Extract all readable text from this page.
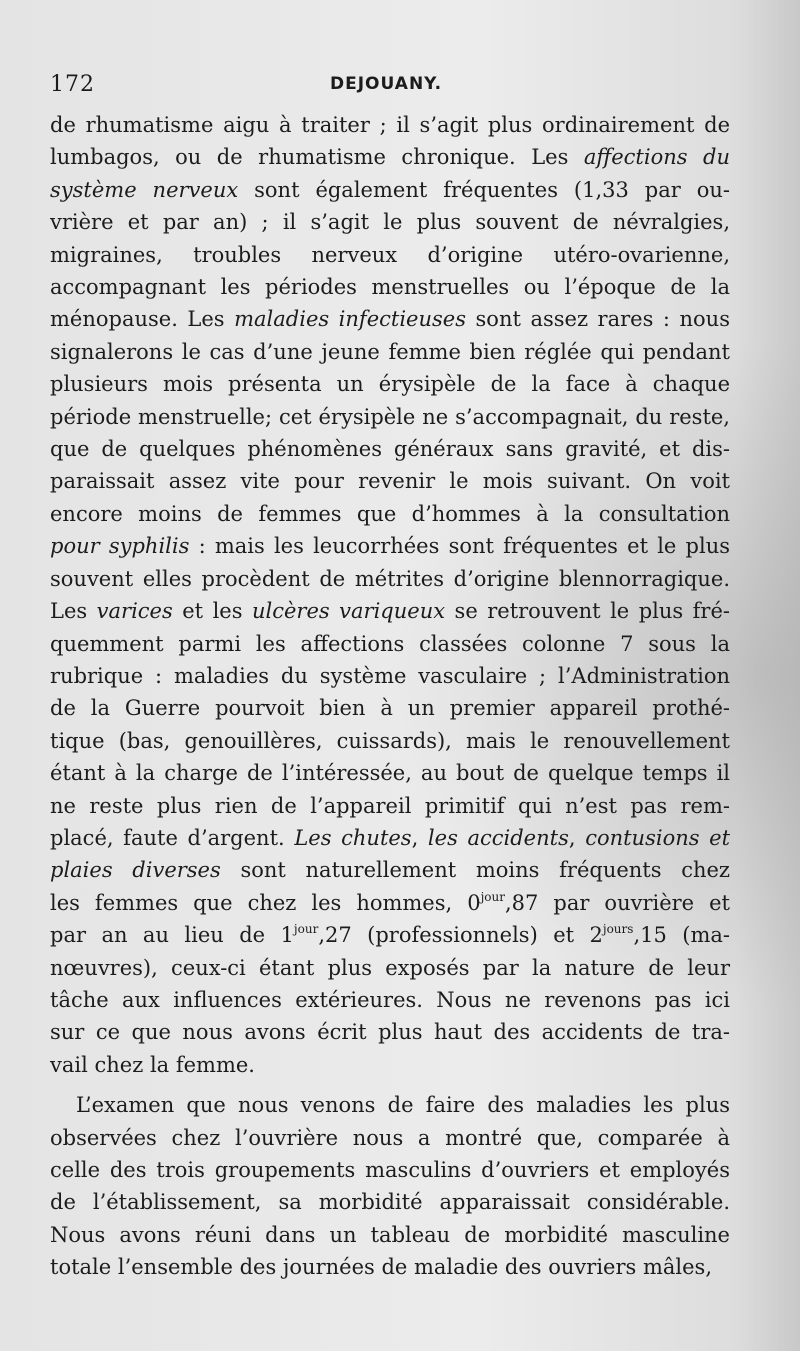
172	DEJOUANY.
de rhumatisme aigu à traiter ; il s’agit plus ordinairement de
lumbagos, ou de rhumatisme chronique. Les affections du
système nerveux sont également fréquentes (1,33 par ou-
vrière et par an) ; il s’agit le plus souvent de névralgies,
migraines, troubles nerveux d’origine utéro-ovarienne,
accompagnant les périodes menstruelles ou l’époque de la
ménopause. Les maladies infectieuses sont assez rares : nous
signalerons le cas d’une jeune femme bien réglée qui pendant
plusieurs mois présenta un érysipèle de la face à chaque
période menstruelle; cet érysipèle ne s’accompagnait, du reste,
que de quelques phénomènes généraux sans gravité, et dis-
paraissait assez vite pour revenir le mois suivant. On voit
encore moins de femmes que d’hommes à la consultation
pour syphilis : mais les leucorrhées sont fréquentes et le plus
souvent elles procèdent de métrites d’origine blennorragique.
Les varices et les ulcères variqueux se retrouvent le plus fré-
quemment parmi les affections classées colonne 7 sous la
rubrique : maladies du système vasculaire ; l’Administration
de la Guerre pourvoit bien à un premier appareil prothé-
tique (bas, genouillères, cuissards), mais le renouvellement
étant à la charge de l’intéressée, au bout de quelque temps il
ne reste plus rien de l’appareil primitif qui n’est pas rem-
placé, faute d’argent. Les chutes, les accidents, contusions et
plaies diverses sont naturellement moins fréquents chez
les femmes que chez les hommes, $0^{jour},87$ par ouvrière et
par an au lieu de $1^{jour},27$ (professionnels) et $2^{jours},15$ (ma-
nœuvres), ceux-ci étant plus exposés par la nature de leur
tâche aux influences extérieures. Nous ne revenons pas ici
sur ce que nous avons écrit plus haut des accidents de tra-
vail chez la femme.
L’examen que nous venons de faire des maladies les plus
observées chez l’ouvrière nous a montré que, comparée à
celle des trois groupements masculins d’ouvriers et employés
de l’établissement, sa morbidité apparaissait considérable.
Nous avons réuni dans un tableau de morbidité masculine
totale l’ensemble des journées de maladie des ouvriers mâles,
